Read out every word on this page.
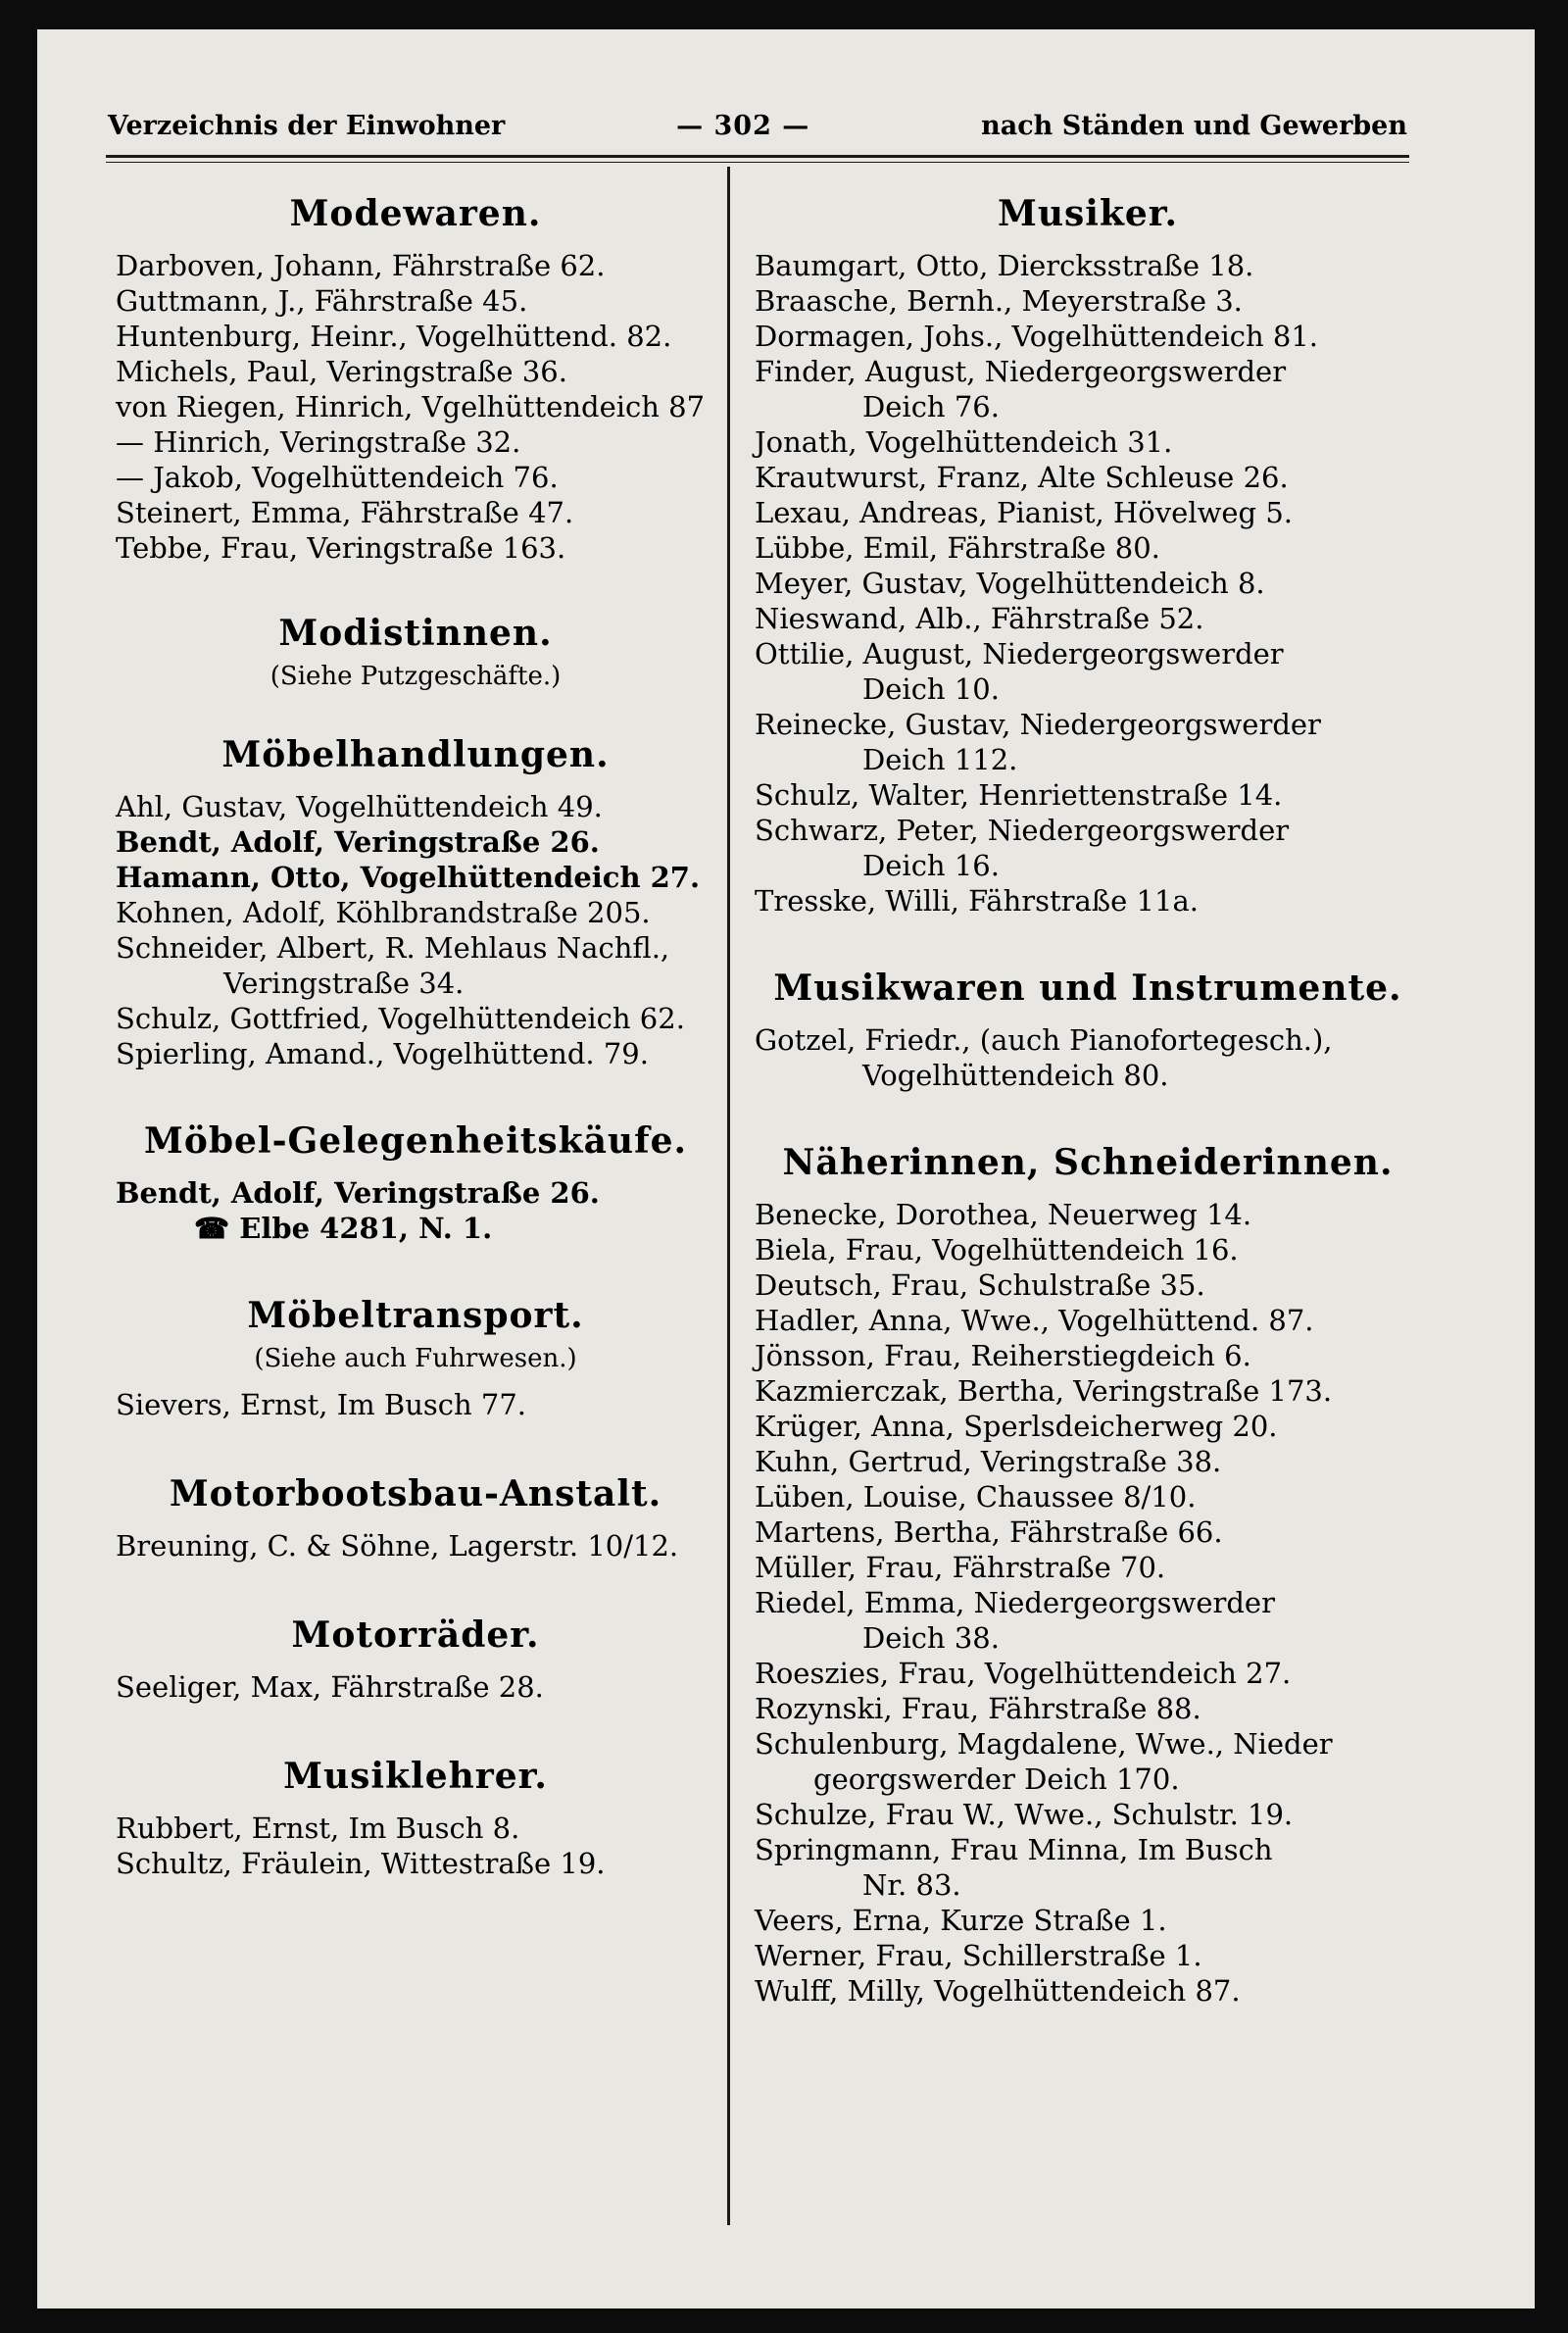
Verzeichnis der Einwohner	— 302 —	nach Ständen und Gewerben
Modewaren.
Darboven, Johann, Fährstraße 62.
Guttmann, J., Fährstraße 45.
Huntenburg, Heinr., Vogelhüttend. 82.
Michels, Paul, Veringstraße 36.
von Riegen, Hinrich, Vgelhüttendeich 87
— Hinrich, Veringstraße 32.
— Jakob, Vogelhüttendeich 76.
Steinert, Emma, Fährstraße 47.
Tebbe, Frau, Veringstraße 163.
Modistinnen.
(Siehe Putzgeschäfte.)
Möbelhandlungen.
Ahl, Gustav, Vogelhüttendeich 49.
Bendt, Adolf, Veringstraße 26.
Hamann, Otto, Vogelhüttendeich 27.
Kohnen, Adolf, Köhlbrandstraße 205.
Schneider, Albert, R. Mehlaus Nachfl.,
Veringstraße 34.
Schulz, Gottfried, Vogelhüttendeich 62.
Spierling, Amand., Vogelhüttend. 79.
Möbel-Gelegenheitskäufe.
Bendt, Adolf, Veringstraße 26.
☎ Elbe 4281, N. 1.
Möbeltransport.
(Siehe auch Fuhrwesen.)
Sievers, Ernst, Im Busch 77.
Motorbootsbau-Anstalt.
Breuning, C. & Söhne, Lagerstr. 10/12.
Motorräder.
Seeliger, Max, Fährstraße 28.
Musiklehrer.
Rubbert, Ernst, Im Busch 8.
Schultz, Fräulein, Wittestraße 19.
Musiker.
Baumgart, Otto, Diercksstraße 18.
Braasche, Bernh., Meyerstraße 3.
Dormagen, Johs., Vogelhüttendeich 81.
Finder, August, Niedergeorgswerder
Deich 76.
Jonath, Vogelhüttendeich 31.
Krautwurst, Franz, Alte Schleuse 26.
Lexau, Andreas, Pianist, Hövelweg 5.
Lübbe, Emil, Fährstraße 80.
Meyer, Gustav, Vogelhüttendeich 8.
Nieswand, Alb., Fährstraße 52.
Ottilie, August, Niedergeorgswerder
Deich 10.
Reinecke, Gustav, Niedergeorgswerder
Deich 112.
Schulz, Walter, Henriettenstraße 14.
Schwarz, Peter, Niedergeorgswerder
Deich 16.
Tresske, Willi, Fährstraße 11a.
Musikwaren und Instrumente.
Gotzel, Friedr., (auch Pianofortegesch.),
Vogelhüttendeich 80.
Näherinnen, Schneiderinnen.
Benecke, Dorothea, Neuerweg 14.
Biela, Frau, Vogelhüttendeich 16.
Deutsch, Frau, Schulstraße 35.
Hadler, Anna, Wwe., Vogelhüttend. 87.
Jönsson, Frau, Reiherstiegdeich 6.
Kazmierczak, Bertha, Veringstraße 173.
Krüger, Anna, Sperlsdeicherweg 20.
Kuhn, Gertrud, Veringstraße 38.
Lüben, Louise, Chaussee 8/10.
Martens, Bertha, Fährstraße 66.
Müller, Frau, Fährstraße 70.
Riedel, Emma, Niedergeorgswerder
Deich 38.
Roeszies, Frau, Vogelhüttendeich 27.
Rozynski, Frau, Fährstraße 88.
Schulenburg, Magdalene, Wwe., Nieder
georgswerder Deich 170.
Schulze, Frau W., Wwe., Schulstr. 19.
Springmann, Frau Minna, Im Busch
Nr. 83.
Veers, Erna, Kurze Straße 1.
Werner, Frau, Schillerstraße 1.
Wulff, Milly, Vogelhüttendeich 87.
